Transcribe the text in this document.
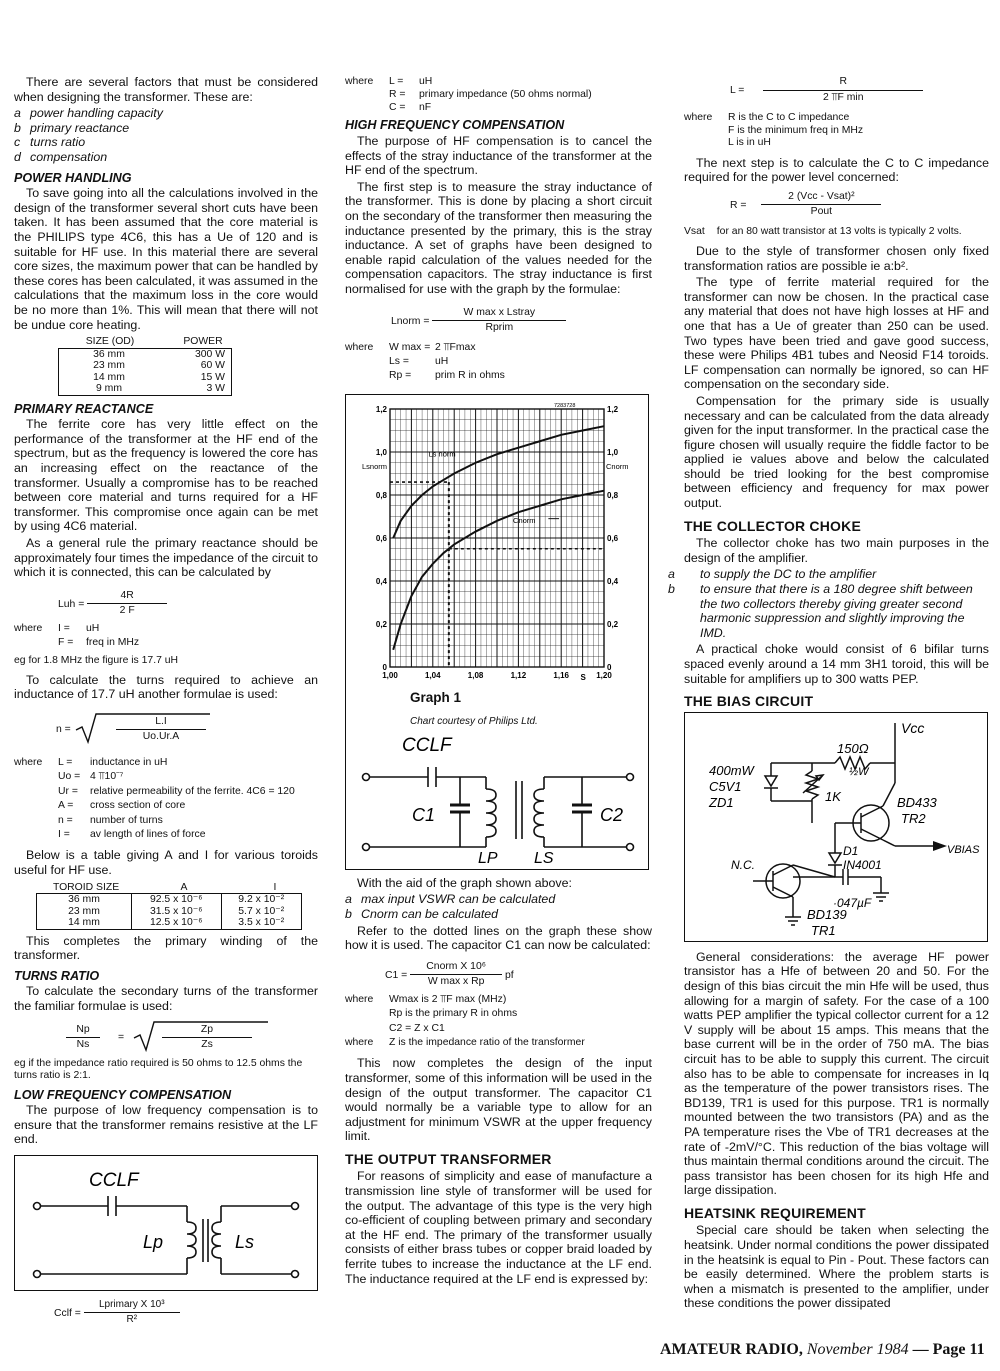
There are several factors that must be considered when designing the transformer. These are:

a power handling capacity
b primary reactance
c turns ratio
d compensation
POWER HANDLING

To save going into all the calculations involved in the design of the transformer several short cuts have been taken. It has been assumed that the core material is the PHILIPS type 4C6, this has a Ue of 120 and is suitable for HF use. In this material there are several core sizes, the maximum power that can be handled by these cores has been calculated, it was assumed in the calculations that the maximum loss in the core would be no more than 1%. This will mean that there will not be undue core heating.

SIZE (OD)	POWER

36 mm	300 W
23 mm	60 W
14 mm	15 W
9 mm	3 W
PRIMARY REACTANCE

The ferrite core has very little effect on the performance of the transformer at the HF end of the spectrum, but as the frequency is lowered the core has an increasing effect on the reactance of the transformer. Usually a compromise has to be reached between core material and turns required for a HF transformer. This compromise once again can be met by using 4C6 material.

As a general rule the primary reactance should be approximately four times the impedance of the circuit to which it is connected, this can be calculated by

Luh = $\frac{4R}{2 F}$
where	I =	uH
F =	freq in MHz
eg for 1.8 MHz the figure is 17.7 uH

To calculate the turns required to achieve an inductance of 17.7 uH another formulae is used:

n =	$\frac{L.I}{Uo.Ur.A}$
where	L =	inductance in uH
Uo = 4 ⫪10⁻⁷
Ur =	relative permeability of the ferrite. 4C6 = 120
A =	cross section of core
n =	number of turns
I =	av length of lines of force

Below is a table giving A and I for various toroids useful for HF use.

TOROID SIZE	A	I

36 mm	92.5 x 10⁻⁶	9.2 x 10⁻²
23 mm	31.5 x 10⁻⁶	5.7 x 10⁻²
14 mm	12.5 x 10⁻⁶	3.5 x 10⁻²

This completes the primary winding of the transformer.

TURNS RATIO

To calculate the secondary turns of the transformer the familiar formulae is used:

$\frac{Np}{Ns}$ =	$\frac{Zp}{Zs}$
eg if the impedance ratio required is 50 ohms to 12.5 ohms the turns ratio is 2:1.
LOW FREQUENCY COMPENSATION

The purpose of low frequency compensation is to ensure that the transformer remains resistive at the LF end.

CCLF
Lp	Ls
Cclf = $\frac{\text{Lprimary X 10³}}{\text{R²}}$
where	L =	uH
R =	primary impedance (50 ohms normal)
C =	nF
HIGH FREQUENCY COMPENSATION

The purpose of HF compensation is to cancel the effects of the stray inductance of the transformer at the HF end of the spectrum.

The first step is to measure the stray inductance of the transformer. This is done by placing a short circuit on the secondary of the transformer then measuring the inductance presented by the primary, this is the stray inductance. A set of graphs have been designed to enable rapid calculation of the values needed for the compensation capacitors. The stray inductance is first normalised for use with the graph by the formulae:

Lnorm = $\frac{\text{W max x Lstray}}{\text{Rprim}}$
where	W max = 2 ⫪Fmax
Ls =	uH
Rp =	prim R in ohms
1,00	1,04	1,08	1,12	1,16	1,20
0	0
0,2	0,2
0,4	0,4
0,6	0,6
0,8	0,8
1,0	1,0
1,2	1,2
Lsnorm	Cnorm
S
7283728
Ls norm
Cnorm
Graph 1
Chart courtesy of Philips Ltd.
CCLF
C1	C2
LP LS

With the aid of the graph shown above:

a max input VSWR can be calculated
b Cnorm can be calculated

Refer to the dotted lines on the graph these show how it is used. The capacitor C1 can now be calculated:

$C1 = \frac{\text{Cnorm X 10⁶}}{\text{W max x Rp}}$ pf
where	Wmax is 2 ⫪F max (MHz)
Rp is the primary R in ohms
C2 = Z x C1
where	Z is the impedance ratio of the transformer

This now completes the design of the input transformer, some of this information will be used in the design of the output transformer. The capacitor C1 would normally be a variable type to allow for an adjustment for minimum VSWR at the upper frequency limit.

THE OUTPUT TRANSFORMER

For reasons of simplicity and ease of manufacture a transmission line style of transformer will be used for the output. The advantage of this type is the very high co-efficient of coupling between primary and secondary at the HF end. The primary of the transformer usually consists of either brass tubes or copper braid loaded by ferrite tubes to increase the inductance at the LF end. The inductance required at the LF end is expressed by:

$L = \frac{R}{\text{2 ⫪F min}}$
where	R is the C to C impedance
F is the minimum freq in MHz
L is in uH

The next step is to calculate the C to C impedance required for the power level concerned:

$R = \frac{\text{2 (Vcc - Vsat)²}}{\text{Pout}}$
Vsat for an 80 watt transistor at 13 volts is typically 2 volts.

Due to the style of transformer chosen only fixed transformation ratios are possible ie a:b².

The type of ferrite material required for the transformer can now be chosen. In the practical case any material that does not have high losses at HF and one that has a Ue of greater than 250 can be used. Two types have been tried and gave good success, these were Philips 4B1 tubes and Neosid F14 toroids. LF compensation can normally be ignored, so can HF compensation on the secondary side.

Compensation for the primary side is usually necessary and can be calculated from the data already given for the input transformer. In the practical case the figure chosen will usually require the fiddle factor to be applied ie values above and below the calculated should be tried looking for the best compromise between efficiency and frequency for max power output.

THE COLLECTOR CHOKE

The collector choke has two main purposes in the design of the amplifier.

a to supply the DC to the amplifier
b to ensure that there is a 180 degree shift between the two collectors thereby giving greater second harmonic suppression and slightly improving the IMD.

A practical choke would consist of 6 bifilar turns spaced evenly around a 14 mm 3H1 toroid, this will be suitable for amplifiers up to 300 watts PEP.

THE BIAS CIRCUIT
Vcc
150Ω
½W
400mW
C5V1
ZD1	1K	BD433
TR2
VBIAS
D1
IN4001
N.C.
·047µF
BD139
TR1

General considerations: the average HF power transistor has a Hfe of between 20 and 50. For the design of this bias circuit the min Hfe will be used, thus allowing for a margin of safety. For the case of a 100 watts PEP amplifier the typical collector current for a 12 V supply will be about 15 amps. This means that the base current will be in the order of 750 mA. The bias circuit has to be able to supply this current. The circuit also has to be able to compensate for increases in Iq as the temperature of the power transistors rises. The BD139, TR1 is used for this purpose. TR1 is normally mounted between the two transistors (PA) and as the PA temperature rises the Vbe of TR1 decreases at the rate of -2mV/°C. This reduction of the bias voltage will thus maintain thermal conditions around the circuit. The pass transistor has been chosen for its high Hfe and large dissipation.

HEATSINK REQUIREMENT

Special care should be taken when selecting the heatsink. Under normal conditions the power dissipated in the heatsink is equal to Pin - Pout. These factors can be easily determined. Where the problem starts is when a mismatch is presented to the amplifier, under these conditions the power dissipated

AMATEUR RADIO, November 1984 — Page 11
